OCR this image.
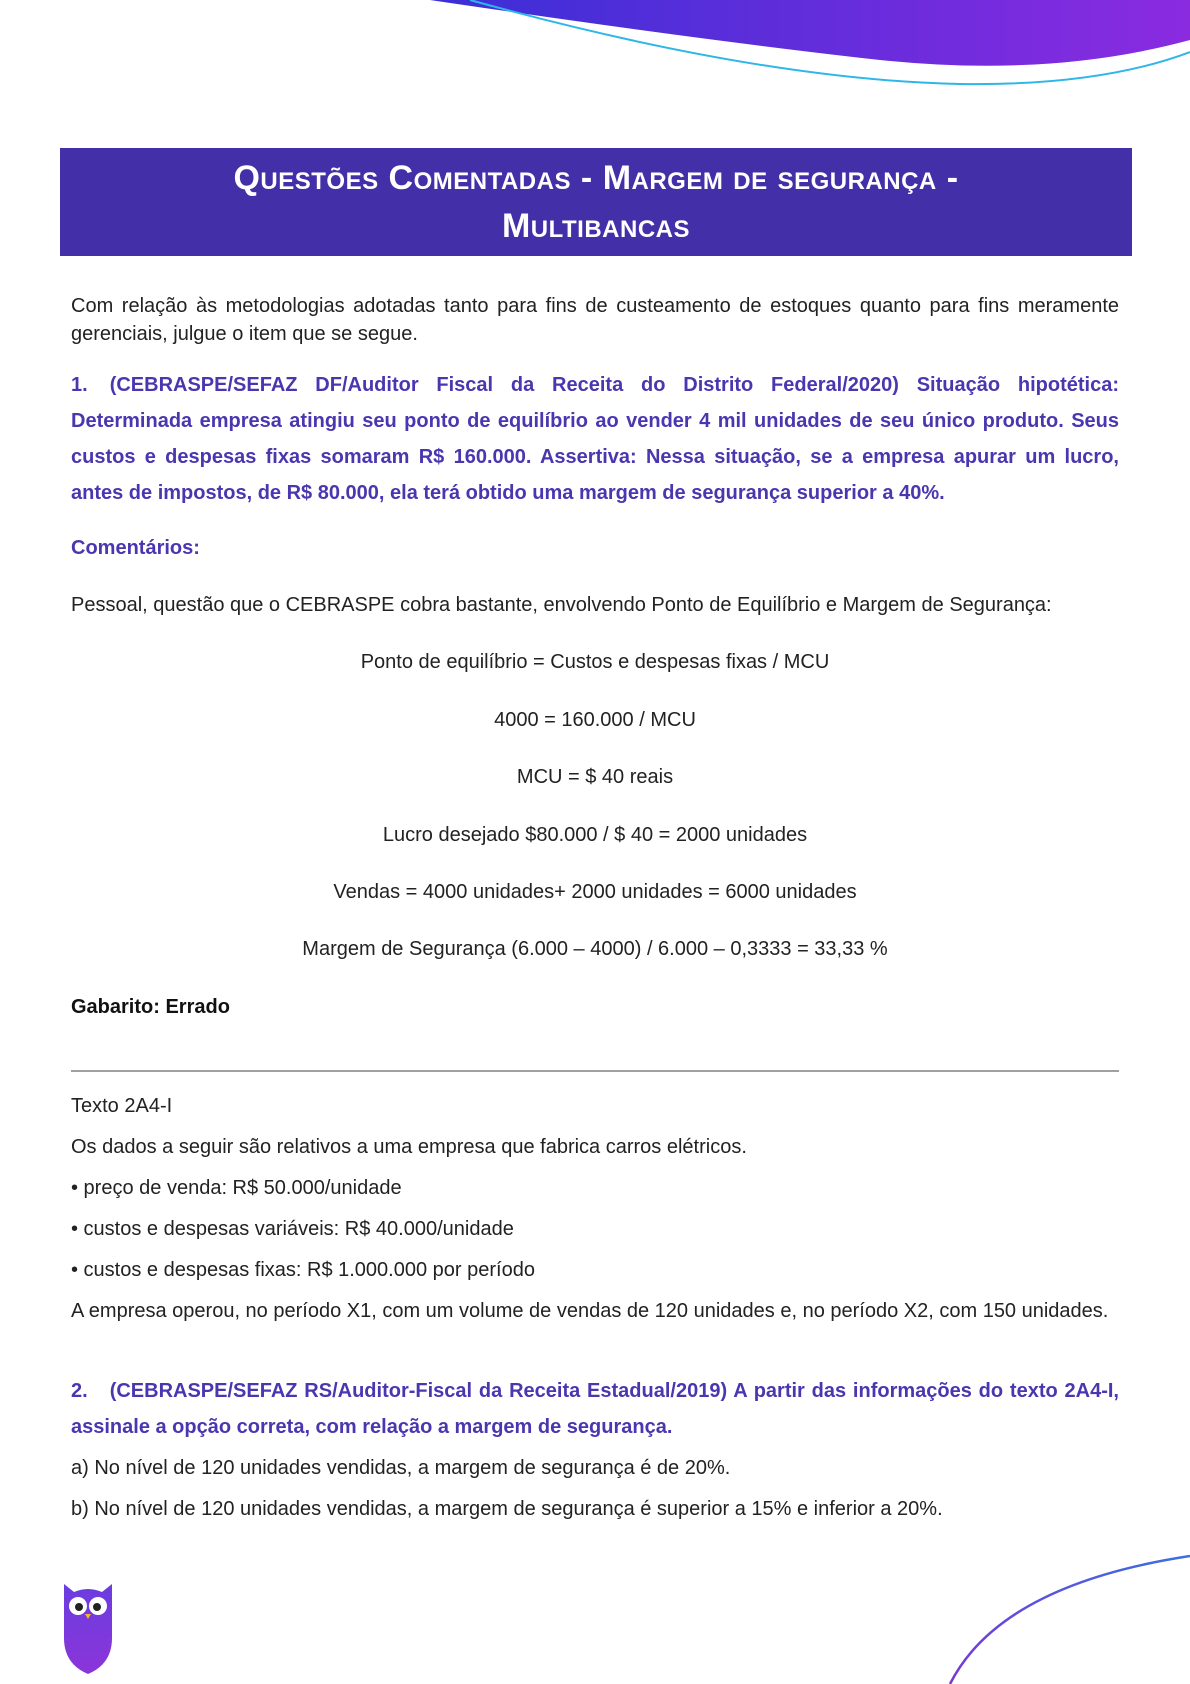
Questões Comentadas - Margem de segurança -
Multibancas
Com relação às metodologias adotadas tanto para fins de custeamento de estoques quanto para fins meramente gerenciais, julgue o item que se segue.
1. (CEBRASPE/SEFAZ DF/Auditor Fiscal da Receita do Distrito Federal/2020) Situação hipotética: Determinada empresa atingiu seu ponto de equilíbrio ao vender 4 mil unidades de seu único produto. Seus custos e despesas fixas somaram R$ 160.000. Assertiva: Nessa situação, se a empresa apurar um lucro, antes de impostos, de R$ 80.000, ela terá obtido uma margem de segurança superior a 40%.
Comentários:
Pessoal, questão que o CEBRASPE cobra bastante, envolvendo Ponto de Equilíbrio e Margem de Segurança:
Ponto de equilíbrio = Custos e despesas fixas / MCU
4000 = 160.000 / MCU
MCU = $ 40 reais
Lucro desejado $80.000 / $ 40 = 2000 unidades
Vendas = 4000 unidades+ 2000 unidades = 6000 unidades
Margem de Segurança (6.000 – 4000) / 6.000 – 0,3333 = 33,33 %
Gabarito: Errado
Texto 2A4-I
Os dados a seguir são relativos a uma empresa que fabrica carros elétricos.
• preço de venda: R$ 50.000/unidade
• custos e despesas variáveis: R$ 40.000/unidade
• custos e despesas fixas: R$ 1.000.000 por período
A empresa operou, no período X1, com um volume de vendas de 120 unidades e, no período X2, com 150 unidades.
2. (CEBRASPE/SEFAZ RS/Auditor-Fiscal da Receita Estadual/2019) A partir das informações do texto 2A4-I, assinale a opção correta, com relação a margem de segurança.
a) No nível de 120 unidades vendidas, a margem de segurança é de 20%.
b) No nível de 120 unidades vendidas, a margem de segurança é superior a 15% e inferior a 20%.
